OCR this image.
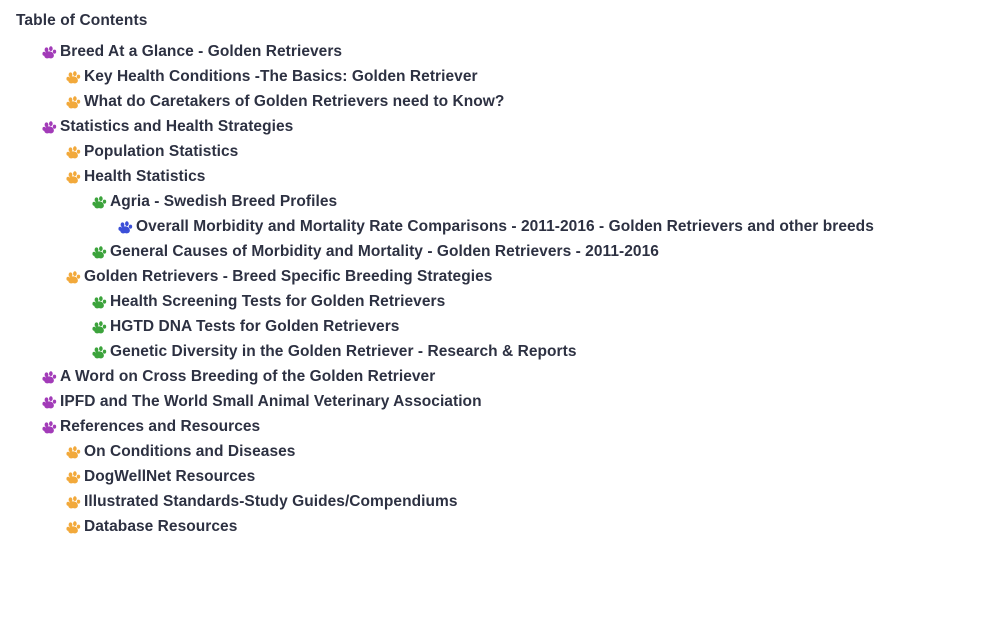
Table of Contents
Breed At a Glance - Golden Retrievers
Key Health Conditions -The Basics: Golden Retriever
What do Caretakers of Golden Retrievers need to Know?
Statistics and Health Strategies
Population Statistics
Health Statistics
Agria - Swedish Breed Profiles
Overall Morbidity and Mortality Rate Comparisons - 2011-2016 - Golden Retrievers and other breeds
General Causes of Morbidity and Mortality - Golden Retrievers - 2011-2016
Golden Retrievers - Breed Specific Breeding Strategies
Health Screening Tests for Golden Retrievers
HGTD DNA Tests for Golden Retrievers
Genetic Diversity in the Golden Retriever - Research & Reports
A Word on Cross Breeding of the Golden Retriever
IPFD and The World Small Animal Veterinary Association
References and Resources
On Conditions and Diseases
DogWellNet Resources
Illustrated Standards-Study Guides/Compendiums
Database Resources
